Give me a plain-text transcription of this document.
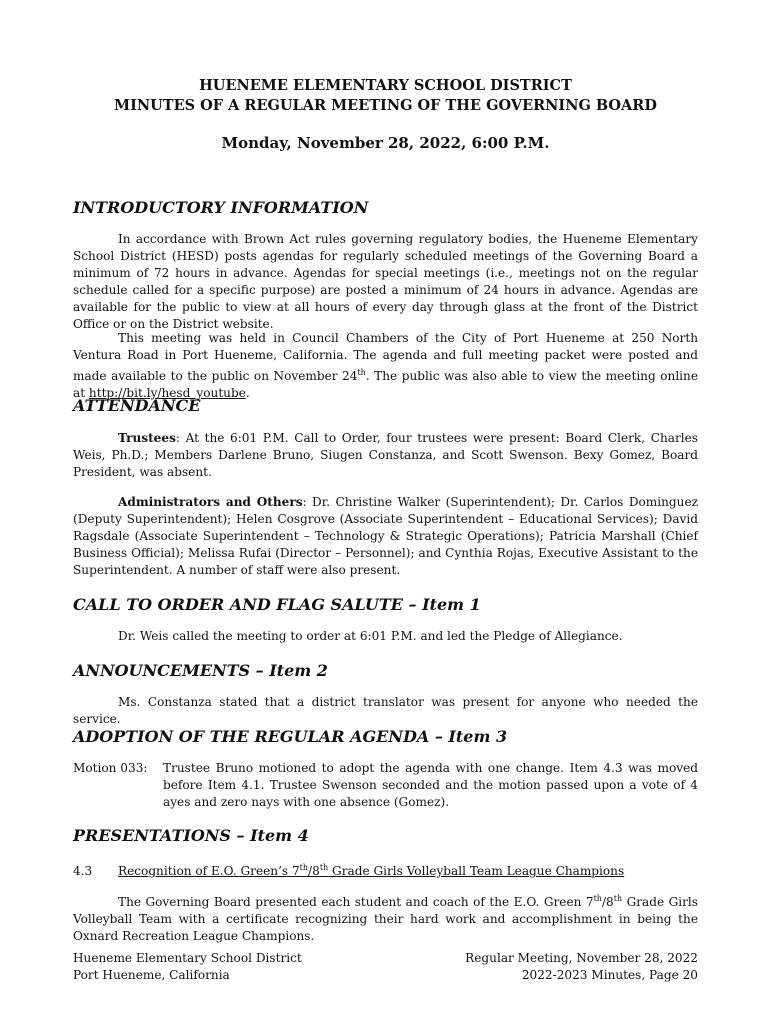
HUENEME ELEMENTARY SCHOOL DISTRICT
MINUTES OF A REGULAR MEETING OF THE GOVERNING BOARD
Monday, November 28, 2022, 6:00 P.M.
INTRODUCTORY INFORMATION

In accordance with Brown Act rules governing regulatory bodies, the Hueneme Elementary School District (HESD) posts agendas for regularly scheduled meetings of the Governing Board a minimum of 72 hours in advance. Agendas for special meetings (i.e., meetings not on the regular schedule called for a specific purpose) are posted a minimum of 24 hours in advance. Agendas are available for the public to view at all hours of every day through glass at the front of the District Office or on the District website.

This meeting was held in Council Chambers of the City of Port Hueneme at 250 North Ventura Road in Port Hueneme, California. The agenda and full meeting packet were posted and made available to the public on November 24th. The public was also able to view the meeting online at http://bit.ly/hesd_youtube.

ATTENDANCE

Trustees: At the 6:01 P.M. Call to Order, four trustees were present: Board Clerk, Charles Weis, Ph.D.; Members Darlene Bruno, Siugen Constanza, and Scott Swenson. Bexy Gomez, Board President, was absent.

Administrators and Others: Dr. Christine Walker (Superintendent); Dr. Carlos Dominguez (Deputy Superintendent); Helen Cosgrove (Associate Superintendent – Educational Services); David Ragsdale (Associate Superintendent – Technology & Strategic Operations); Patricia Marshall (Chief Business Official); Melissa Rufai (Director – Personnel); and Cynthia Rojas, Executive Assistant to the Superintendent. A number of staff were also present.

CALL TO ORDER AND FLAG SALUTE – Item 1

Dr. Weis called the meeting to order at 6:01 P.M. and led the Pledge of Allegiance.

ANNOUNCEMENTS – Item 2

Ms. Constanza stated that a district translator was present for anyone who needed the service.

ADOPTION OF THE REGULAR AGENDA – Item 3
Motion 033: Trustee Bruno motioned to adopt the agenda with one change. Item 4.3 was moved before Item 4.1. Trustee Swenson seconded and the motion passed upon a vote of 4 ayes and zero nays with one absence (Gomez).
PRESENTATIONS – Item 4
4.3 Recognition of E.O. Green’s 7th/8th Grade Girls Volleyball Team League Champions

The Governing Board presented each student and coach of the E.O. Green 7th/8th Grade Girls Volleyball Team with a certificate recognizing their hard work and accomplishment in being the Oxnard Recreation League Champions.

Hueneme Elementary School District
Port Hueneme, California
Regular Meeting, November 28, 2022
2022-2023 Minutes, Page 20
